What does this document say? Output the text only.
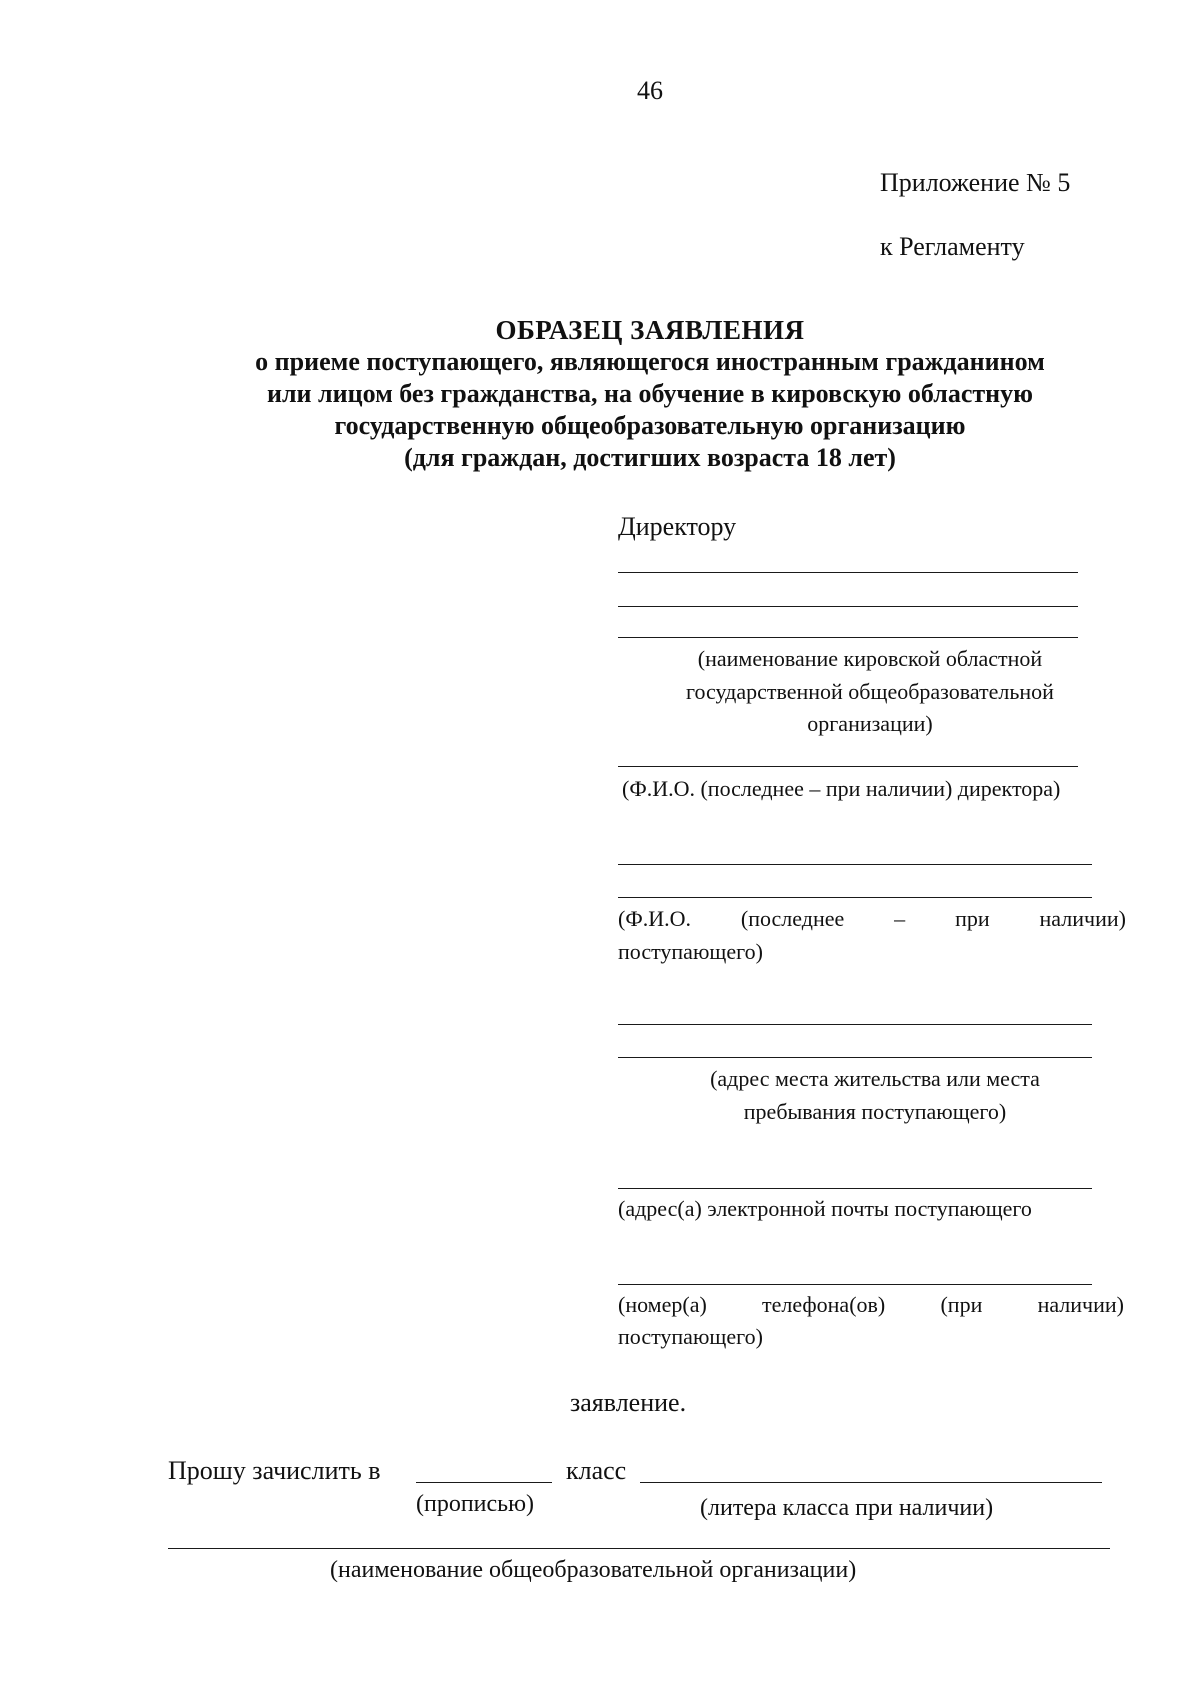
46
Приложение № 5
к Регламенту
ОБРАЗЕЦ ЗАЯВЛЕНИЯ
о приеме поступающего, являющегося иностранным гражданином
или лицом без гражданства, на обучение в кировскую областную
государственную общеобразовательную организацию
(для граждан, достигших возраста 18 лет)
Директору
(наименование кировской областной
государственной общеобразовательной
организации)
(Ф.И.О. (последнее – при наличии) директора)
(Ф.И.О. (последнее – при наличии)
поступающего)
(адрес места жительства или места
пребывания поступающего)
(адрес(а) электронной почты поступающего
(номер(а)	телефона(ов)	(при	наличии)
поступающего)
заявление.
Прошу зачислить в	класс
(прописью)	(литера класса при наличии)
(наименование общеобразовательной организации)
